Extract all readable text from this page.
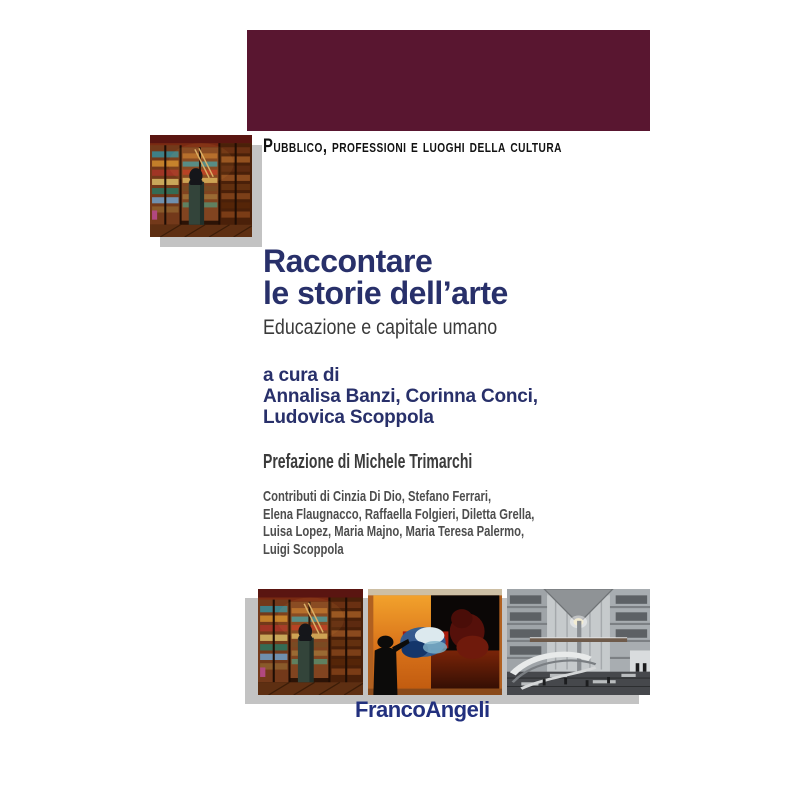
Pubblico, professioni e luoghi della cultura
Raccontare
le storie dell’arte
Educazione e capitale umano
a cura di
Annalisa Banzi, Corinna Conci,
Ludovica Scoppola
Prefazione di Michele Trimarchi
Contributi di Cinzia Di Dio, Stefano Ferrari,
Elena Flaugnacco, Raffaella Folgieri, Diletta Grella,
Luisa Lopez, Maria Majno, Maria Teresa Palermo,
Luigi Scoppola
FrancoAngeli
